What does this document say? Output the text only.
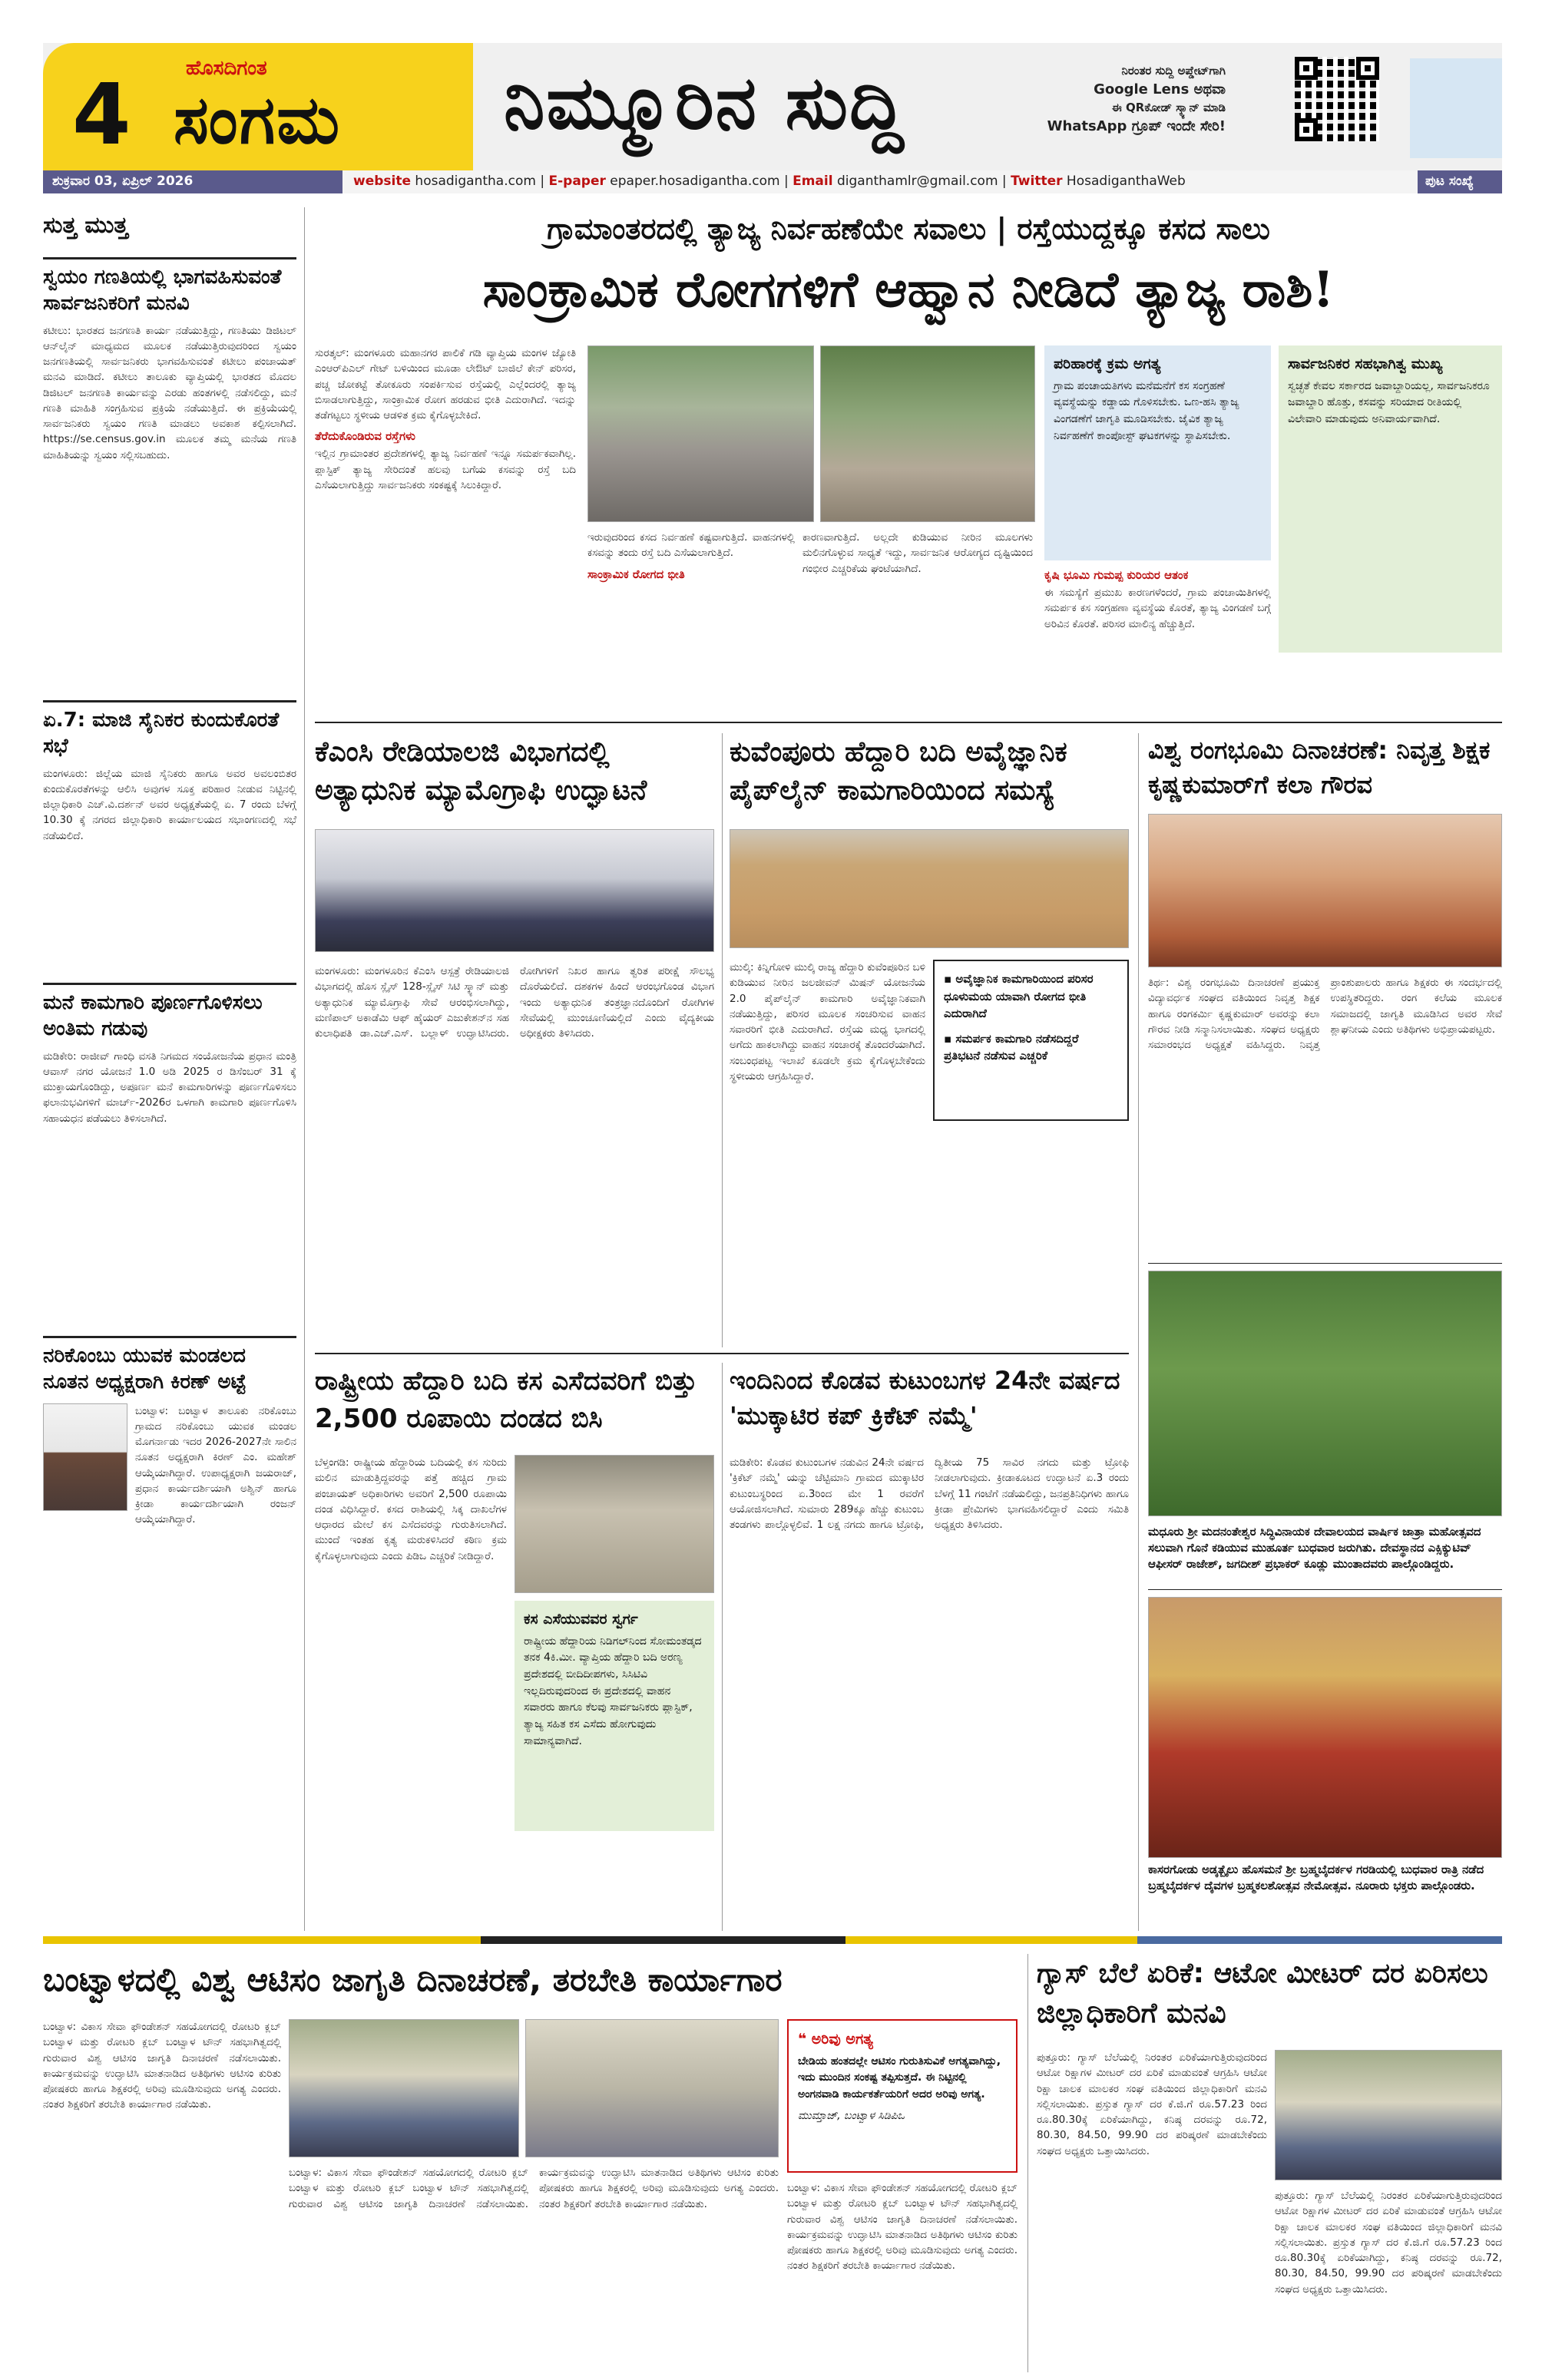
4	ಹೊಸದಿಗಂತ
ಸಂಗಮ ನಿಮ್ಮೂರಿನ ಸುದ್ದಿ	ನಿರಂತರ ಸುದ್ದಿ ಅಪ್ಡೇಟ್‌ಗಾಗಿ
Google Lens ಅಥವಾ
ಈ QRಕೋಡ್ ಸ್ಕ್ಯಾನ್ ಮಾಡಿ
WhatsApp ಗ್ರೂಪ್ ಇಂದೇ ಸೇರಿ!
ಶುಕ್ರವಾರ 03, ಏಪ್ರಿಲ್ 2026	website hosadigantha.com | E-paper epaper.hosadigantha.com | Email diganthamlr@gmail.com | Twitter HosadiganthaWeb	ಪುಟ ಸಂಖ್ಯೆ
ಸುತ್ತ ಮುತ್ತ
ಸ್ವಯಂ ಗಣತಿಯಲ್ಲಿ ಭಾಗವಹಿಸುವಂತೆ ಸಾರ್ವಜನಿಕರಿಗೆ ಮನವಿ
ಕಟೀಲು: ಭಾರತದ ಜನಗಣತಿ ಕಾರ್ಯ ನಡೆಯುತ್ತಿದ್ದು, ಗಣತಿಯು ಡಿಜಿಟಲ್ ಆನ್‌ಲೈನ್ ಮಾಧ್ಯಮದ ಮೂಲಕ ನಡೆಯುತ್ತಿರುವುದರಿಂದ ಸ್ವಯಂ ಜನಗಣತಿಯಲ್ಲಿ ಸಾರ್ವಜನಿಕರು ಭಾಗವಹಿಸುವಂತೆ ಕಟೀಲು ಪಂಚಾಯತ್ ಮನವಿ ಮಾಡಿದೆ. ಕಟೀಲು ತಾಲೂಕು ವ್ಯಾಪ್ತಿಯಲ್ಲಿ ಭಾರತದ ಮೊದಲ ಡಿಜಿಟಲ್ ಜನಗಣತಿ ಕಾರ್ಯವನ್ನು ಎರಡು ಹಂತಗಳಲ್ಲಿ ನಡೆಸಲಿದ್ದು, ಮನೆ ಗಣತಿ ಮಾಹಿತಿ ಸಂಗ್ರಹಿಸುವ ಪ್ರಕ್ರಿಯೆ ನಡೆಯುತ್ತಿದೆ. ಈ ಪ್ರಕ್ರಿಯೆಯಲ್ಲಿ ಸಾರ್ವಜನಿಕರು ಸ್ವಯಂ ಗಣತಿ ಮಾಡಲು ಅವಕಾಶ ಕಲ್ಪಿಸಲಾಗಿದೆ. https://se.census.gov.in ಮೂಲಕ ತಮ್ಮ ಮನೆಯ ಗಣತಿ ಮಾಹಿತಿಯನ್ನು ಸ್ವಯಂ ಸಲ್ಲಿಸಬಹುದು.
ಏ.7: ಮಾಜಿ ಸೈನಿಕರ ಕುಂದುಕೊರತೆ ಸಭೆ
ಮಂಗಳೂರು: ಜಿಲ್ಲೆಯ ಮಾಜಿ ಸೈನಿಕರು ಹಾಗೂ ಅವರ ಅವಲಂಬಿತರ ಕುಂದುಕೊರತೆಗಳನ್ನು ಆಲಿಸಿ ಅವುಗಳ ಸೂಕ್ತ ಪರಿಹಾರ ನೀಡುವ ನಿಟ್ಟಿನಲ್ಲಿ ಜಿಲ್ಲಾಧಿಕಾರಿ ಎಚ್.ವಿ.ದರ್ಶನ್ ಅವರ ಅಧ್ಯಕ್ಷತೆಯಲ್ಲಿ ಏ. 7 ರಂದು ಬೆಳಗ್ಗೆ 10.30 ಕ್ಕೆ ನಗರದ ಜಿಲ್ಲಾಧಿಕಾರಿ ಕಾರ್ಯಾಲಯದ ಸಭಾಂಗಣದಲ್ಲಿ ಸಭೆ ನಡೆಯಲಿದೆ.
ಮನೆ ಕಾಮಗಾರಿ ಪೂರ್ಣಗೊಳಿಸಲು ಅಂತಿಮ ಗಡುವು
ಮಡಿಕೇರಿ: ರಾಜೀವ್ ಗಾಂಧಿ ವಸತಿ ನಿಗಮದ ಸಂಯೋಜನೆಯ ಪ್ರಧಾನ ಮಂತ್ರಿ ಆವಾಸ್ ನಗರ ಯೋಜನೆ 1.0 ಅಡಿ 2025 ರ ಡಿಸೆಂಬರ್ 31 ಕ್ಕೆ ಮುಕ್ತಾಯಗೊಂಡಿದ್ದು, ಅಪೂರ್ಣ ಮನೆ ಕಾಮಗಾರಿಗಳನ್ನು ಪೂರ್ಣಗೊಳಿಸಲು ಫಲಾನುಭವಿಗಳಿಗೆ ಮಾರ್ಚ್-2026ರ ಒಳಗಾಗಿ ಕಾಮಗಾರಿ ಪೂರ್ಣಗೊಳಿಸಿ ಸಹಾಯಧನ ಪಡೆಯಲು ತಿಳಿಸಲಾಗಿದೆ.
ನರಿಕೊಂಬು ಯುವಕ ಮಂಡಲದ ನೂತನ ಅಧ್ಯಕ್ಷರಾಗಿ ಕಿರಣ್ ಅಟ್ಟೆ
ಬಂಟ್ವಾಳ: ಬಂಟ್ವಾಳ ತಾಲೂಕು ನರಿಕೊಂಬು ಗ್ರಾಮದ ನರಿಕೊಂಬು ಯುವಕ ಮಂಡಲ ಮೊಗರ್ನಾಡು ಇದರ 2026-2027ನೇ ಸಾಲಿನ ನೂತನ ಅಧ್ಯಕ್ಷರಾಗಿ ಕಿರಣ್ ಎಂ. ಮಹೇಶ್ ಆಯ್ಕೆಯಾಗಿದ್ದಾರೆ. ಉಪಾಧ್ಯಕ್ಷರಾಗಿ ಜಯರಾಜ್, ಪ್ರಧಾನ ಕಾರ್ಯದರ್ಶಿಯಾಗಿ ಅಶ್ವಿನ್ ಹಾಗೂ ಕ್ರೀಡಾ ಕಾರ್ಯದರ್ಶಿಯಾಗಿ ರಂಜನ್ ಆಯ್ಕೆಯಾಗಿದ್ದಾರೆ.
ಗ್ರಾಮಾಂತರದಲ್ಲಿ ತ್ಯಾಜ್ಯ ನಿರ್ವಹಣೆಯೇ ಸವಾಲು | ರಸ್ತೆಯುದ್ದಕ್ಕೂ ಕಸದ ಸಾಲು
ಸಾಂಕ್ರಾಮಿಕ ರೋಗಗಳಿಗೆ ಆಹ್ವಾನ ನೀಡಿದೆ ತ್ಯಾಜ್ಯ ರಾಶಿ!
ಸುರತ್ಕಲ್: ಮಂಗಳೂರು ಮಹಾನಗರ ಪಾಲಿಕೆ ಗಡಿ ವ್ಯಾಪ್ತಿಯ ಮಂಗಳ ಜ್ಯೋತಿ ಎಂಆರ್‌ಪಿಎಲ್ ಗೇಟ್ ಬಳಿಯಿಂದ ಮೂಡಾ ಲೇಔಟ್ ಬಾಜಿಲೆ ಕೇನ್‌ ಪರಿಸರ, ಪಚ್ಚ ಜೋಕಟ್ಟೆ ತೋಕೂರು ಸಂಪರ್ಕಿಸುವ ರಸ್ತೆಯಲ್ಲಿ ಎಲ್ಲೆಂದರಲ್ಲಿ ತ್ಯಾಜ್ಯ ಬಿಸಾಡಲಾಗುತ್ತಿದ್ದು, ಸಾಂಕ್ರಾಮಿಕ ರೋಗ ಹರಡುವ ಭೀತಿ ಎದುರಾಗಿದೆ. ಇದನ್ನು ತಡೆಗಟ್ಟಲು ಸ್ಥಳೀಯ ಆಡಳಿತ ಕ್ರಮ ಕೈಗೊಳ್ಳಬೇಕಿದೆ.
ತೆರೆದುಕೊಂಡಿರುವ ರಸ್ತೆಗಳು
ಇಲ್ಲಿನ ಗ್ರಾಮಾಂತರ ಪ್ರದೇಶಗಳಲ್ಲಿ ತ್ಯಾಜ್ಯ ನಿರ್ವಹಣೆ ಇನ್ನೂ ಸಮರ್ಪಕವಾಗಿಲ್ಲ. ಪ್ಲಾಸ್ಟಿಕ್ ತ್ಯಾಜ್ಯ ಸೇರಿದಂತೆ ಹಲವು ಬಗೆಯ ಕಸವನ್ನು ರಸ್ತೆ ಬದಿ ಎಸೆಯಲಾಗುತ್ತಿದ್ದು ಸಾರ್ವಜನಿಕರು ಸಂಕಷ್ಟಕ್ಕೆ ಸಿಲುಕಿದ್ದಾರೆ.
ಇರುವುದರಿಂದ ಕಸದ ನಿರ್ವಹಣೆ ಕಷ್ಟವಾಗುತ್ತಿದೆ. ವಾಹನಗಳಲ್ಲಿ ಕಸವನ್ನು ತಂದು ರಸ್ತೆ ಬದಿ ಎಸೆಯಲಾಗುತ್ತಿದೆ.
ಸಾಂಕ್ರಾಮಿಕ ರೋಗದ ಭೀತಿ
ಕಾರಣವಾಗುತ್ತಿದೆ. ಅಲ್ಲದೇ ಕುಡಿಯುವ ನೀರಿನ ಮೂಲಗಳು ಮಲಿನಗೊಳ್ಳುವ ಸಾಧ್ಯತೆ ಇದ್ದು, ಸಾರ್ವಜನಿಕ ಆರೋಗ್ಯದ ದೃಷ್ಟಿಯಿಂದ ಗಂಭೀರ ಎಚ್ಚರಿಕೆಯ ಘಂಟೆಯಾಗಿದೆ.
ಪರಿಹಾರಕ್ಕೆ ಕ್ರಮ ಅಗತ್ಯ
ಗ್ರಾಮ ಪಂಚಾಯತಿಗಳು ಮನೆಮನೆಗೆ ಕಸ ಸಂಗ್ರಹಣೆ ವ್ಯವಸ್ಥೆಯನ್ನು ಕಡ್ಡಾಯ ಗೊಳಿಸಬೇಕು. ಒಣ-ಹಸಿ ತ್ಯಾಜ್ಯ ವಿಂಗಡಣೆಗೆ ಜಾಗೃತಿ ಮೂಡಿಸಬೇಕು. ಜೈವಿಕ ತ್ಯಾಜ್ಯ ನಿರ್ವಹಣೆಗೆ ಕಾಂಪೋಸ್ಟ್ ಘಟಕಗಳನ್ನು ಸ್ಥಾಪಿಸಬೇಕು.
ಸಾರ್ವಜನಿಕರ ಸಹಭಾಗಿತ್ವ ಮುಖ್ಯ
ಸ್ವಚ್ಛತೆ ಕೇವಲ ಸರ್ಕಾರದ ಜವಾಬ್ದಾರಿಯಲ್ಲ, ಸಾರ್ವಜನಿಕರೂ ಜವಾಬ್ದಾರಿ ಹೊತ್ತು, ಕಸವನ್ನು ಸರಿಯಾದ ರೀತಿಯಲ್ಲಿ ವಿಲೇವಾರಿ ಮಾಡುವುದು ಅನಿವಾರ್ಯವಾಗಿದೆ.
ಕೃಷಿ ಭೂಮಿ ಗುಮಪ್ಪ ಕುರಿಯರ ಆತಂಕ
ಈ ಸಮಸ್ಯೆಗೆ ಪ್ರಮುಖ ಕಾರಣಗಳೆಂದರೆ, ಗ್ರಾಮ ಪಂಚಾಯಿತಿಗಳಲ್ಲಿ ಸಮರ್ಪಕ ಕಸ ಸಂಗ್ರಹಣಾ ವ್ಯವಸ್ಥೆಯ ಕೊರತೆ, ತ್ಯಾಜ್ಯ ವಿಂಗಡಣೆ ಬಗ್ಗೆ ಅರಿವಿನ ಕೊರತೆ. ಪರಿಸರ ಮಾಲಿನ್ಯ ಹೆಚ್ಚುತ್ತಿದೆ.
ಕೆಎಂಸಿ ರೇಡಿಯಾಲಜಿ ವಿಭಾಗದಲ್ಲಿ ಅತ್ಯಾಧುನಿಕ ಮ್ಯಾಮೊಗ್ರಾಫಿ ಉದ್ಘಾಟನೆ
ಮಂಗಳೂರು: ಮಂಗಳೂರಿನ ಕೆಎಂಸಿ ಆಸ್ಪತ್ರೆ ರೇಡಿಯಾಲಜಿ ವಿಭಾಗದಲ್ಲಿ ಹೊಸ ಸ್ಲೈಸ್ 128-ಸ್ಲೈಸ್ ಸಿಟಿ ಸ್ಕ್ಯಾನ್ ಮತ್ತು ಅತ್ಯಾಧುನಿಕ ಮ್ಯಾಮೊಗ್ರಾಫಿ ಸೇವೆ ಆರಂಭಿಸಲಾಗಿದ್ದು, ಮಣಿಪಾಲ್ ಅಕಾಡೆಮಿ ಆಫ್ ಹೈಯರ್ ಎಜುಕೇಶನ್‌ನ ಸಹ ಕುಲಾಧಿಪತಿ ಡಾ.ಎಚ್.ಎಸ್. ಬಲ್ಲಾಳ್ ಉದ್ಘಾಟಿಸಿದರು. ರೋಗಿಗಳಿಗೆ ನಿಖರ ಹಾಗೂ ತ್ವರಿತ ಪರೀಕ್ಷೆ ಸೌಲಭ್ಯ ದೊರೆಯಲಿದೆ. ದಶಕಗಳ ಹಿಂದೆ ಆರಂಭಗೊಂಡ ವಿಭಾಗ ಇಂದು ಅತ್ಯಾಧುನಿಕ ತಂತ್ರಜ್ಞಾನದೊಂದಿಗೆ ರೋಗಿಗಳ ಸೇವೆಯಲ್ಲಿ ಮುಂಚೂಣಿಯಲ್ಲಿದೆ ಎಂದು ವೈದ್ಯಕೀಯ ಅಧೀಕ್ಷಕರು ತಿಳಿಸಿದರು.
ಕುವೆಂಪೂರು ಹೆದ್ದಾರಿ ಬದಿ ಅವೈಜ್ಞಾನಿಕ ಪೈಪ್‌ಲೈನ್ ಕಾಮಗಾರಿಯಿಂದ ಸಮಸ್ಯೆ
ಮುಲ್ಕಿ: ಕಿನ್ನಿಗೋಳಿ ಮುಲ್ಕಿ ರಾಜ್ಯ ಹೆದ್ದಾರಿ ಕುವೆಂಪೂರಿನ ಬಳಿ ಕುಡಿಯುವ ನೀರಿನ ಜಲಜೀವನ್ ಮಿಷನ್ ಯೋಜನೆಯ 2.0 ಪೈಪ್‌ಲೈನ್ ಕಾಮಗಾರಿ ಅವೈಜ್ಞಾನಿಕವಾಗಿ ನಡೆಯುತ್ತಿದ್ದು, ಪರಿಸರ ಮೂಲಕ ಸಂಚರಿಸುವ ವಾಹನ ಸವಾರರಿಗೆ ಭೀತಿ ಎದುರಾಗಿದೆ. ರಸ್ತೆಯ ಮಧ್ಯ ಭಾಗದಲ್ಲಿ ಅಗೆದು ಹಾಕಲಾಗಿದ್ದು ವಾಹನ ಸಂಚಾರಕ್ಕೆ ತೊಂದರೆಯಾಗಿದೆ. ಸಂಬಂಧಪಟ್ಟ ಇಲಾಖೆ ಕೂಡಲೇ ಕ್ರಮ ಕೈಗೊಳ್ಳಬೇಕೆಂದು ಸ್ಥಳೀಯರು ಆಗ್ರಹಿಸಿದ್ದಾರೆ.
▪ ಅವೈಜ್ಞಾನಿಕ ಕಾಮಗಾರಿಯಿಂದ ಪರಿಸರ ಧೂಳುಮಯ ಯಾವಾಗಿ ರೋಗದ ಭೀತಿ ಎದುರಾಗಿದೆ
▪ ಸಮರ್ಪಕ ಕಾಮಗಾರಿ ನಡೆಸದಿದ್ದರೆ ಪ್ರತಿಭಟನೆ ನಡೆಸುವ ಎಚ್ಚರಿಕೆ
ವಿಶ್ವ ರಂಗಭೂಮಿ ದಿನಾಚರಣೆ: ನಿವೃತ್ತ ಶಿಕ್ಷಕ ಕೃಷ್ಣಕುಮಾರ್‌ಗೆ ಕಲಾ ಗೌರವ
ತಿರ್ಥ: ವಿಶ್ವ ರಂಗಭೂಮಿ ದಿನಾಚರಣೆ ಪ್ರಯುಕ್ತ ವಿದ್ಯಾವರ್ಧಕ ಸಂಘದ ವತಿಯಿಂದ ನಿವೃತ್ತ ಶಿಕ್ಷಕ ಹಾಗೂ ರಂಗಕರ್ಮಿ ಕೃಷ್ಣಕುಮಾರ್ ಅವರನ್ನು ಕಲಾ ಗೌರವ ನೀಡಿ ಸನ್ಮಾನಿಸಲಾಯಿತು. ಸಂಘದ ಅಧ್ಯಕ್ಷರು ಸಮಾರಂಭದ ಅಧ್ಯಕ್ಷತೆ ವಹಿಸಿದ್ದರು. ನಿವೃತ್ತ ಪ್ರಾಂಶುಪಾಲರು ಹಾಗೂ ಶಿಕ್ಷಕರು ಈ ಸಂದರ್ಭದಲ್ಲಿ ಉಪಸ್ಥಿತರಿದ್ದರು. ರಂಗ ಕಲೆಯ ಮೂಲಕ ಸಮಾಜದಲ್ಲಿ ಜಾಗೃತಿ ಮೂಡಿಸಿದ ಅವರ ಸೇವೆ ಶ್ಲಾಘನೀಯ ಎಂದು ಅತಿಥಿಗಳು ಅಭಿಪ್ರಾಯಪಟ್ಟರು.
ಮಧೂರು ಶ್ರೀ ಮದನಂತೇಶ್ವರ ಸಿದ್ಧಿವಿನಾಯಕ ದೇವಾಲಯದ ವಾರ್ಷಿಕ ಜಾತ್ರಾ ಮಹೋತ್ಸವದ ಸಲುವಾಗಿ ಗೊನೆ ಕಡಿಯುವ ಮುಹೂರ್ತ ಬುಧವಾರ ಜರುಗಿತು. ದೇವಸ್ಥಾನದ ಎಕ್ಸಿಕ್ಯುಟಿವ್ ಆಫೀಸರ್ ರಾಜೇಶ್, ಜಗದೀಶ್ ಪ್ರಭಾಕರ್ ಕೂಡ್ಲು ಮುಂತಾದವರು ಪಾಲ್ಗೊಂಡಿದ್ದರು.
ಕಾಸರಗೋಡು ಅಡ್ಕತ್ಬೈಲು ಹೊಸಮನೆ ಶ್ರೀ ಬ್ರಹ್ಮಬೈದರ್ಕಳ ಗರಡಿಯಲ್ಲಿ ಬುಧವಾರ ರಾತ್ರಿ ನಡೆದ ಬ್ರಹ್ಮಬೈದರ್ಕಳ ದೈವಗಳ ಬ್ರಹ್ಮಕಲಶೋತ್ಸವ ನೇಮೋತ್ಸವ. ನೂರಾರು ಭಕ್ತರು ಪಾಲ್ಗೊಂಡರು.
ರಾಷ್ಟ್ರೀಯ ಹೆದ್ದಾರಿ ಬದಿ ಕಸ ಎಸೆದವರಿಗೆ ಬಿತ್ತು 2,500 ರೂಪಾಯಿ ದಂಡದ ಬಿಸಿ
ಬೆಳ್ತಂಗಡಿ: ರಾಷ್ಟ್ರೀಯ ಹೆದ್ದಾರಿಯ ಬದಿಯಲ್ಲಿ ಕಸ ಸುರಿದು ಮಲಿನ ಮಾಡುತ್ತಿದ್ದವರನ್ನು ಪತ್ತೆ ಹಚ್ಚಿದ ಗ್ರಾಮ ಪಂಚಾಯತ್ ಅಧಿಕಾರಿಗಳು ಅವರಿಗೆ 2,500 ರೂಪಾಯಿ ದಂಡ ವಿಧಿಸಿದ್ದಾರೆ. ಕಸದ ರಾಶಿಯಲ್ಲಿ ಸಿಕ್ಕ ದಾಖಲೆಗಳ ಆಧಾರದ ಮೇಲೆ ಕಸ ಎಸೆದವರನ್ನು ಗುರುತಿಸಲಾಗಿದೆ. ಮುಂದೆ ಇಂತಹ ಕೃತ್ಯ ಮರುಕಳಿಸಿದರೆ ಕಠಿಣ ಕ್ರಮ ಕೈಗೊಳ್ಳಲಾಗುವುದು ಎಂದು ಪಿಡಿಒ ಎಚ್ಚರಿಕೆ ನೀಡಿದ್ದಾರೆ.
ಕಸ ಎಸೆಯುವವರ ಸ್ವರ್ಗ
ರಾಷ್ಟ್ರೀಯ ಹೆದ್ದಾರಿಯ ನಿಡಿಗಲ್‌ನಿಂದ ಸೋಮಂತಡ್ಕದ ತನಕ 4ಕಿ.ಮೀ. ವ್ಯಾಪ್ತಿಯ ಹೆದ್ದಾರಿ ಬದಿ ಅರಣ್ಯ ಪ್ರದೇಶದಲ್ಲಿ ಬೀದಿದೀಪಗಳು, ಸಿಸಿಟಿವಿ ಇಲ್ಲದಿರುವುದರಿಂದ ಈ ಪ್ರದೇಶದಲ್ಲಿ ವಾಹನ ಸವಾರರು ಹಾಗೂ ಕೆಲವು ಸಾರ್ವಜನಿಕರು ಪ್ಲಾಸ್ಟಿಕ್, ತ್ಯಾಜ್ಯ ಸಹಿತ ಕಸ ಎಸೆದು ಹೋಗುವುದು ಸಾಮಾನ್ಯವಾಗಿದೆ.
ಇಂದಿನಿಂದ ಕೊಡವ ಕುಟುಂಬಗಳ 24ನೇ ವರ್ಷದ 'ಮುಕ್ಕಾಟಿರ ಕಪ್ ಕ್ರಿಕೆಟ್ ನಮ್ಮೆ'
ಮಡಿಕೇರಿ: ಕೊಡವ ಕುಟುಂಬಗಳ ನಡುವಿನ 24ನೇ ವರ್ಷದ 'ಕ್ರಿಕೆಟ್ ನಮ್ಮೆ' ಯನ್ನು ಚೆಟ್ಟಿಮಾನಿ ಗ್ರಾಮದ ಮುಕ್ಕಾಟಿರ ಕುಟುಂಬಸ್ಥರಿಂದ ಏ.3ರಿಂದ ಮೇ 1 ರವರೆಗೆ ಆಯೋಜಿಸಲಾಗಿದೆ. ಸುಮಾರು 289ಕ್ಕೂ ಹೆಚ್ಚು ಕುಟುಂಬ ತಂಡಗಳು ಪಾಲ್ಗೊಳ್ಳಲಿವೆ. 1 ಲಕ್ಷ ನಗದು ಹಾಗೂ ಟ್ರೋಫಿ, ದ್ವಿತೀಯ 75 ಸಾವಿರ ನಗದು ಮತ್ತು ಟ್ರೋಫಿ ನೀಡಲಾಗುವುದು. ಕ್ರೀಡಾಕೂಟದ ಉದ್ಘಾಟನೆ ಏ.3 ರಂದು ಬೆಳಗ್ಗೆ 11 ಗಂಟೆಗೆ ನಡೆಯಲಿದ್ದು, ಜನಪ್ರತಿನಿಧಿಗಳು ಹಾಗೂ ಕ್ರೀಡಾ ಪ್ರೇಮಿಗಳು ಭಾಗವಹಿಸಲಿದ್ದಾರೆ ಎಂದು ಸಮಿತಿ ಅಧ್ಯಕ್ಷರು ತಿಳಿಸಿದರು.
ಬಂಟ್ವಾಳದಲ್ಲಿ ವಿಶ್ವ ಆಟಿಸಂ ಜಾಗೃತಿ ದಿನಾಚರಣೆ, ತರಬೇತಿ ಕಾರ್ಯಾಗಾರ
ಬಂಟ್ವಾಳ: ವಿಕಾಸ ಸೇವಾ ಫೌಂಡೇಶನ್ ಸಹಯೋಗದಲ್ಲಿ ರೋಟರಿ ಕ್ಲಬ್ ಬಂಟ್ವಾಳ ಮತ್ತು ರೋಟರಿ ಕ್ಲಬ್ ಬಂಟ್ವಾಳ ಟೌನ್ ಸಹಭಾಗಿತ್ವದಲ್ಲಿ ಗುರುವಾರ ವಿಶ್ವ ಆಟಿಸಂ ಜಾಗೃತಿ ದಿನಾಚರಣೆ ನಡೆಸಲಾಯಿತು. ಕಾರ್ಯಕ್ರಮವನ್ನು ಉದ್ಘಾಟಿಸಿ ಮಾತನಾಡಿದ ಅತಿಥಿಗಳು ಆಟಿಸಂ ಕುರಿತು ಪೋಷಕರು ಹಾಗೂ ಶಿಕ್ಷಕರಲ್ಲಿ ಅರಿವು ಮೂಡಿಸುವುದು ಅಗತ್ಯ ಎಂದರು. ನಂತರ ಶಿಕ್ಷಕರಿಗೆ ತರಬೇತಿ ಕಾರ್ಯಾಗಾರ ನಡೆಯಿತು.
ಬಂಟ್ವಾಳ: ವಿಕಾಸ ಸೇವಾ ಫೌಂಡೇಶನ್ ಸಹಯೋಗದಲ್ಲಿ ರೋಟರಿ ಕ್ಲಬ್ ಬಂಟ್ವಾಳ ಮತ್ತು ರೋಟರಿ ಕ್ಲಬ್ ಬಂಟ್ವಾಳ ಟೌನ್ ಸಹಭಾಗಿತ್ವದಲ್ಲಿ ಗುರುವಾರ ವಿಶ್ವ ಆಟಿಸಂ ಜಾಗೃತಿ ದಿನಾಚರಣೆ ನಡೆಸಲಾಯಿತು. ಕಾರ್ಯಕ್ರಮವನ್ನು ಉದ್ಘಾಟಿಸಿ ಮಾತನಾಡಿದ ಅತಿಥಿಗಳು ಆಟಿಸಂ ಕುರಿತು ಪೋಷಕರು ಹಾಗೂ ಶಿಕ್ಷಕರಲ್ಲಿ ಅರಿವು ಮೂಡಿಸುವುದು ಅಗತ್ಯ ಎಂದರು. ನಂತರ ಶಿಕ್ಷಕರಿಗೆ ತರಬೇತಿ ಕಾರ್ಯಾಗಾರ ನಡೆಯಿತು.
❝ ಅರಿವು ಅಗತ್ಯ
ಬೇಡಿಯ ಹಂತದಲ್ಲೇ ಆಟಿಸಂ ಗುರುತಿಸುವಿಕೆ ಅಗತ್ಯವಾಗಿದ್ದು, ಇದು ಮುಂದಿನ ಸಂಕಷ್ಟ ತಪ್ಪಿಸುತ್ತದೆ. ಈ ನಿಟ್ಟಿನಲ್ಲಿ ಅಂಗನವಾಡಿ ಕಾರ್ಯಕರ್ತೆಯರಿಗೆ ಅದರ ಅರಿವು ಅಗತ್ಯ.
ಮುಮ್ತಾಜ್, ಬಂಟ್ವಾಳ ಸಿಡಿಪಿಒ
ಬಂಟ್ವಾಳ: ವಿಕಾಸ ಸೇವಾ ಫೌಂಡೇಶನ್ ಸಹಯೋಗದಲ್ಲಿ ರೋಟರಿ ಕ್ಲಬ್ ಬಂಟ್ವಾಳ ಮತ್ತು ರೋಟರಿ ಕ್ಲಬ್ ಬಂಟ್ವಾಳ ಟೌನ್ ಸಹಭಾಗಿತ್ವದಲ್ಲಿ ಗುರುವಾರ ವಿಶ್ವ ಆಟಿಸಂ ಜಾಗೃತಿ ದಿನಾಚರಣೆ ನಡೆಸಲಾಯಿತು. ಕಾರ್ಯಕ್ರಮವನ್ನು ಉದ್ಘಾಟಿಸಿ ಮಾತನಾಡಿದ ಅತಿಥಿಗಳು ಆಟಿಸಂ ಕುರಿತು ಪೋಷಕರು ಹಾಗೂ ಶಿಕ್ಷಕರಲ್ಲಿ ಅರಿವು ಮೂಡಿಸುವುದು ಅಗತ್ಯ ಎಂದರು. ನಂತರ ಶಿಕ್ಷಕರಿಗೆ ತರಬೇತಿ ಕಾರ್ಯಾಗಾರ ನಡೆಯಿತು.
ಗ್ಯಾಸ್ ಬೆಲೆ ಏರಿಕೆ: ಆಟೋ ಮೀಟರ್ ದರ ಏರಿಸಲು ಜಿಲ್ಲಾಧಿಕಾರಿಗೆ ಮನವಿ
ಪುತ್ತೂರು: ಗ್ಯಾಸ್ ಬೆಲೆಯಲ್ಲಿ ನಿರಂತರ ಏರಿಕೆಯಾಗುತ್ತಿರುವುದರಿಂದ ಆಟೋ ರಿಕ್ಷಾಗಳ ಮೀಟರ್ ದರ ಏರಿಕೆ ಮಾಡುವಂತೆ ಆಗ್ರಹಿಸಿ ಆಟೋ ರಿಕ್ಷಾ ಚಾಲಕ ಮಾಲಕರ ಸಂಘ ವತಿಯಿಂದ ಜಿಲ್ಲಾಧಿಕಾರಿಗೆ ಮನವಿ ಸಲ್ಲಿಸಲಾಯಿತು. ಪ್ರಸ್ತುತ ಗ್ಯಾಸ್ ದರ ಕೆ.ಜಿ.ಗೆ ರೂ.57.23 ರಿಂದ ರೂ.80.30ಕ್ಕೆ ಏರಿಕೆಯಾಗಿದ್ದು, ಕನಿಷ್ಠ ದರವನ್ನು ರೂ.72, 80.30, 84.50, 99.90 ದರ ಪರಿಷ್ಕರಣೆ ಮಾಡಬೇಕೆಂದು ಸಂಘದ ಅಧ್ಯಕ್ಷರು ಒತ್ತಾಯಿಸಿದರು.
ಪುತ್ತೂರು: ಗ್ಯಾಸ್ ಬೆಲೆಯಲ್ಲಿ ನಿರಂತರ ಏರಿಕೆಯಾಗುತ್ತಿರುವುದರಿಂದ ಆಟೋ ರಿಕ್ಷಾಗಳ ಮೀಟರ್ ದರ ಏರಿಕೆ ಮಾಡುವಂತೆ ಆಗ್ರಹಿಸಿ ಆಟೋ ರಿಕ್ಷಾ ಚಾಲಕ ಮಾಲಕರ ಸಂಘ ವತಿಯಿಂದ ಜಿಲ್ಲಾಧಿಕಾರಿಗೆ ಮನವಿ ಸಲ್ಲಿಸಲಾಯಿತು. ಪ್ರಸ್ತುತ ಗ್ಯಾಸ್ ದರ ಕೆ.ಜಿ.ಗೆ ರೂ.57.23 ರಿಂದ ರೂ.80.30ಕ್ಕೆ ಏರಿಕೆಯಾಗಿದ್ದು, ಕನಿಷ್ಠ ದರವನ್ನು ರೂ.72, 80.30, 84.50, 99.90 ದರ ಪರಿಷ್ಕರಣೆ ಮಾಡಬೇಕೆಂದು ಸಂಘದ ಅಧ್ಯಕ್ಷರು ಒತ್ತಾಯಿಸಿದರು.
